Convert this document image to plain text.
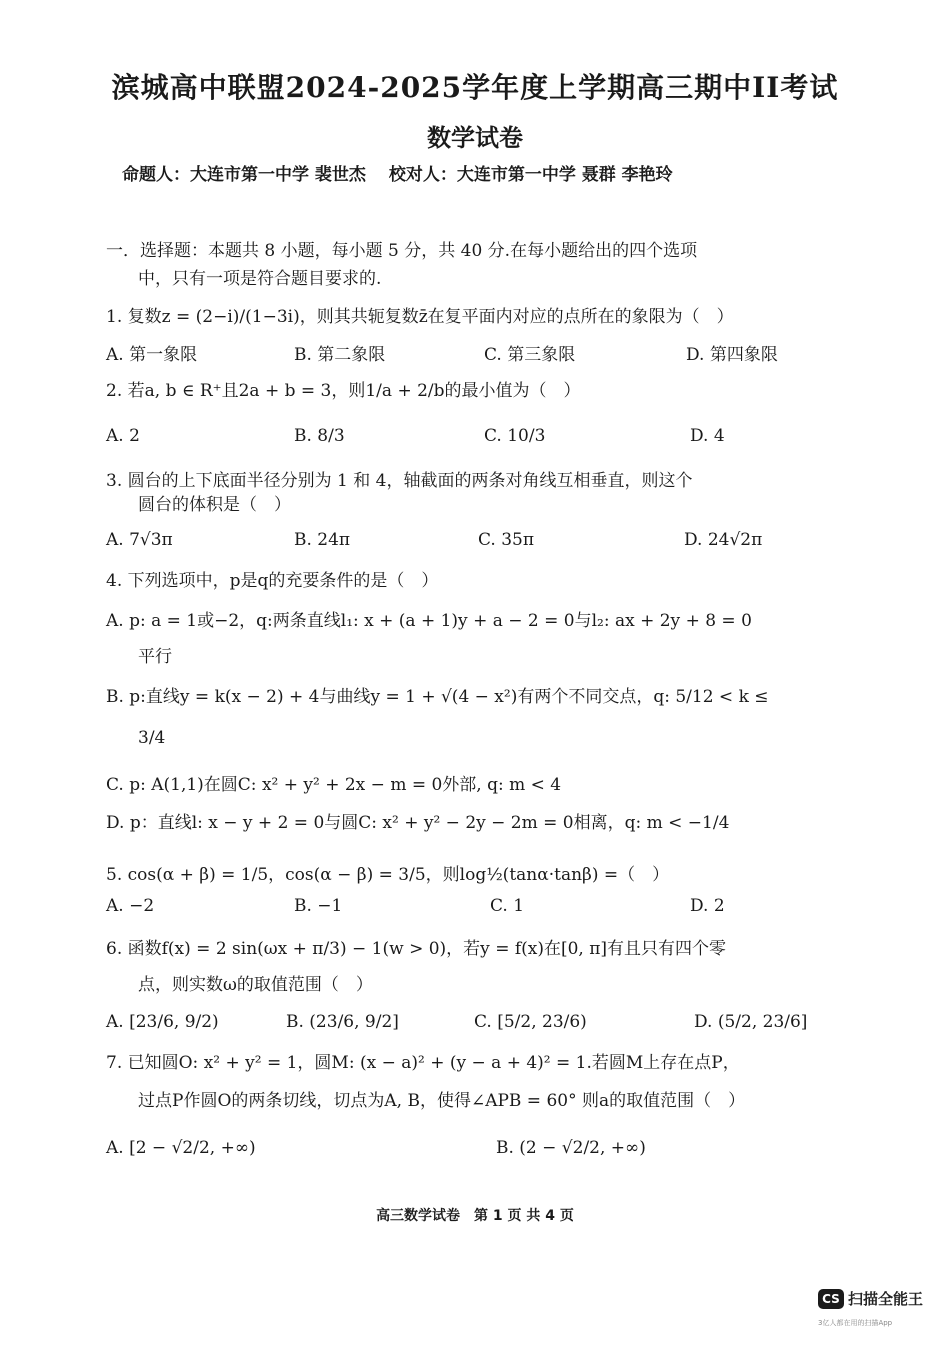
滨城高中联盟2024-2025学年度上学期高三期中II考试
数学试卷
命题人：大连市第一中学 裴世杰　 校对人：大连市第一中学 聂群 李艳玲
一．选择题：本题共 8 小题，每小题 5 分，共 40 分.在每小题给出的四个选项
中，只有一项是符合题目要求的.
1. 复数z = (2−i)/(1−3i)，则其共轭复数z̄在复平面内对应的点所在的象限为（　）
A. 第一象限	B. 第二象限	C. 第三象限	D. 第四象限
2. 若a, b ∈ R⁺且2a + b = 3，则1/a + 2/b的最小值为（　）
A. 2	B. 8/3	C. 10/3	D. 4
3. 圆台的上下底面半径分别为 1 和 4，轴截面的两条对角线互相垂直，则这个
圆台的体积是（　）
A. 7√3π	B. 24π	C. 35π	D. 24√2π
4. 下列选项中，p是q的充要条件的是（　）
A. p: a = 1或−2，q:两条直线l₁: x + (a + 1)y + a − 2 = 0与l₂: ax + 2y + 8 = 0
平行
B. p:直线y = k(x − 2) + 4与曲线y = 1 + √(4 − x²)有两个不同交点，q: 5/12 < k ≤
3/4
C. p: A(1,1)在圆C: x² + y² + 2x − m = 0外部, q: m < 4
D. p：直线l: x − y + 2 = 0与圆C: x² + y² − 2y − 2m = 0相离，q: m < −1/4
5. cos(α + β) = 1/5，cos(α − β) = 3/5，则log½(tanα·tanβ) =（　）
A. −2	B. −1	C. 1	D. 2
6. 函数f(x) = 2 sin(ωx + π/3) − 1(w > 0)，若y = f(x)在[0, π]有且只有四个零
点，则实数ω的取值范围（　）
A. [23/6, 9/2)	B. (23/6, 9/2]	C. [5/2, 23/6)	D. (5/2, 23/6]
7. 已知圆O: x² + y² = 1，圆M: (x − a)² + (y − a + 4)² = 1.若圆M上存在点P，
过点P作圆O的两条切线，切点为A, B，使得∠APB = 60° 则a的取值范围（　）
A. [2 − √2/2, +∞)	B. (2 − √2/2, +∞)
高三数学试卷　第 1 页 共 4 页
CS 扫描全能王
3亿人都在用的扫描App
